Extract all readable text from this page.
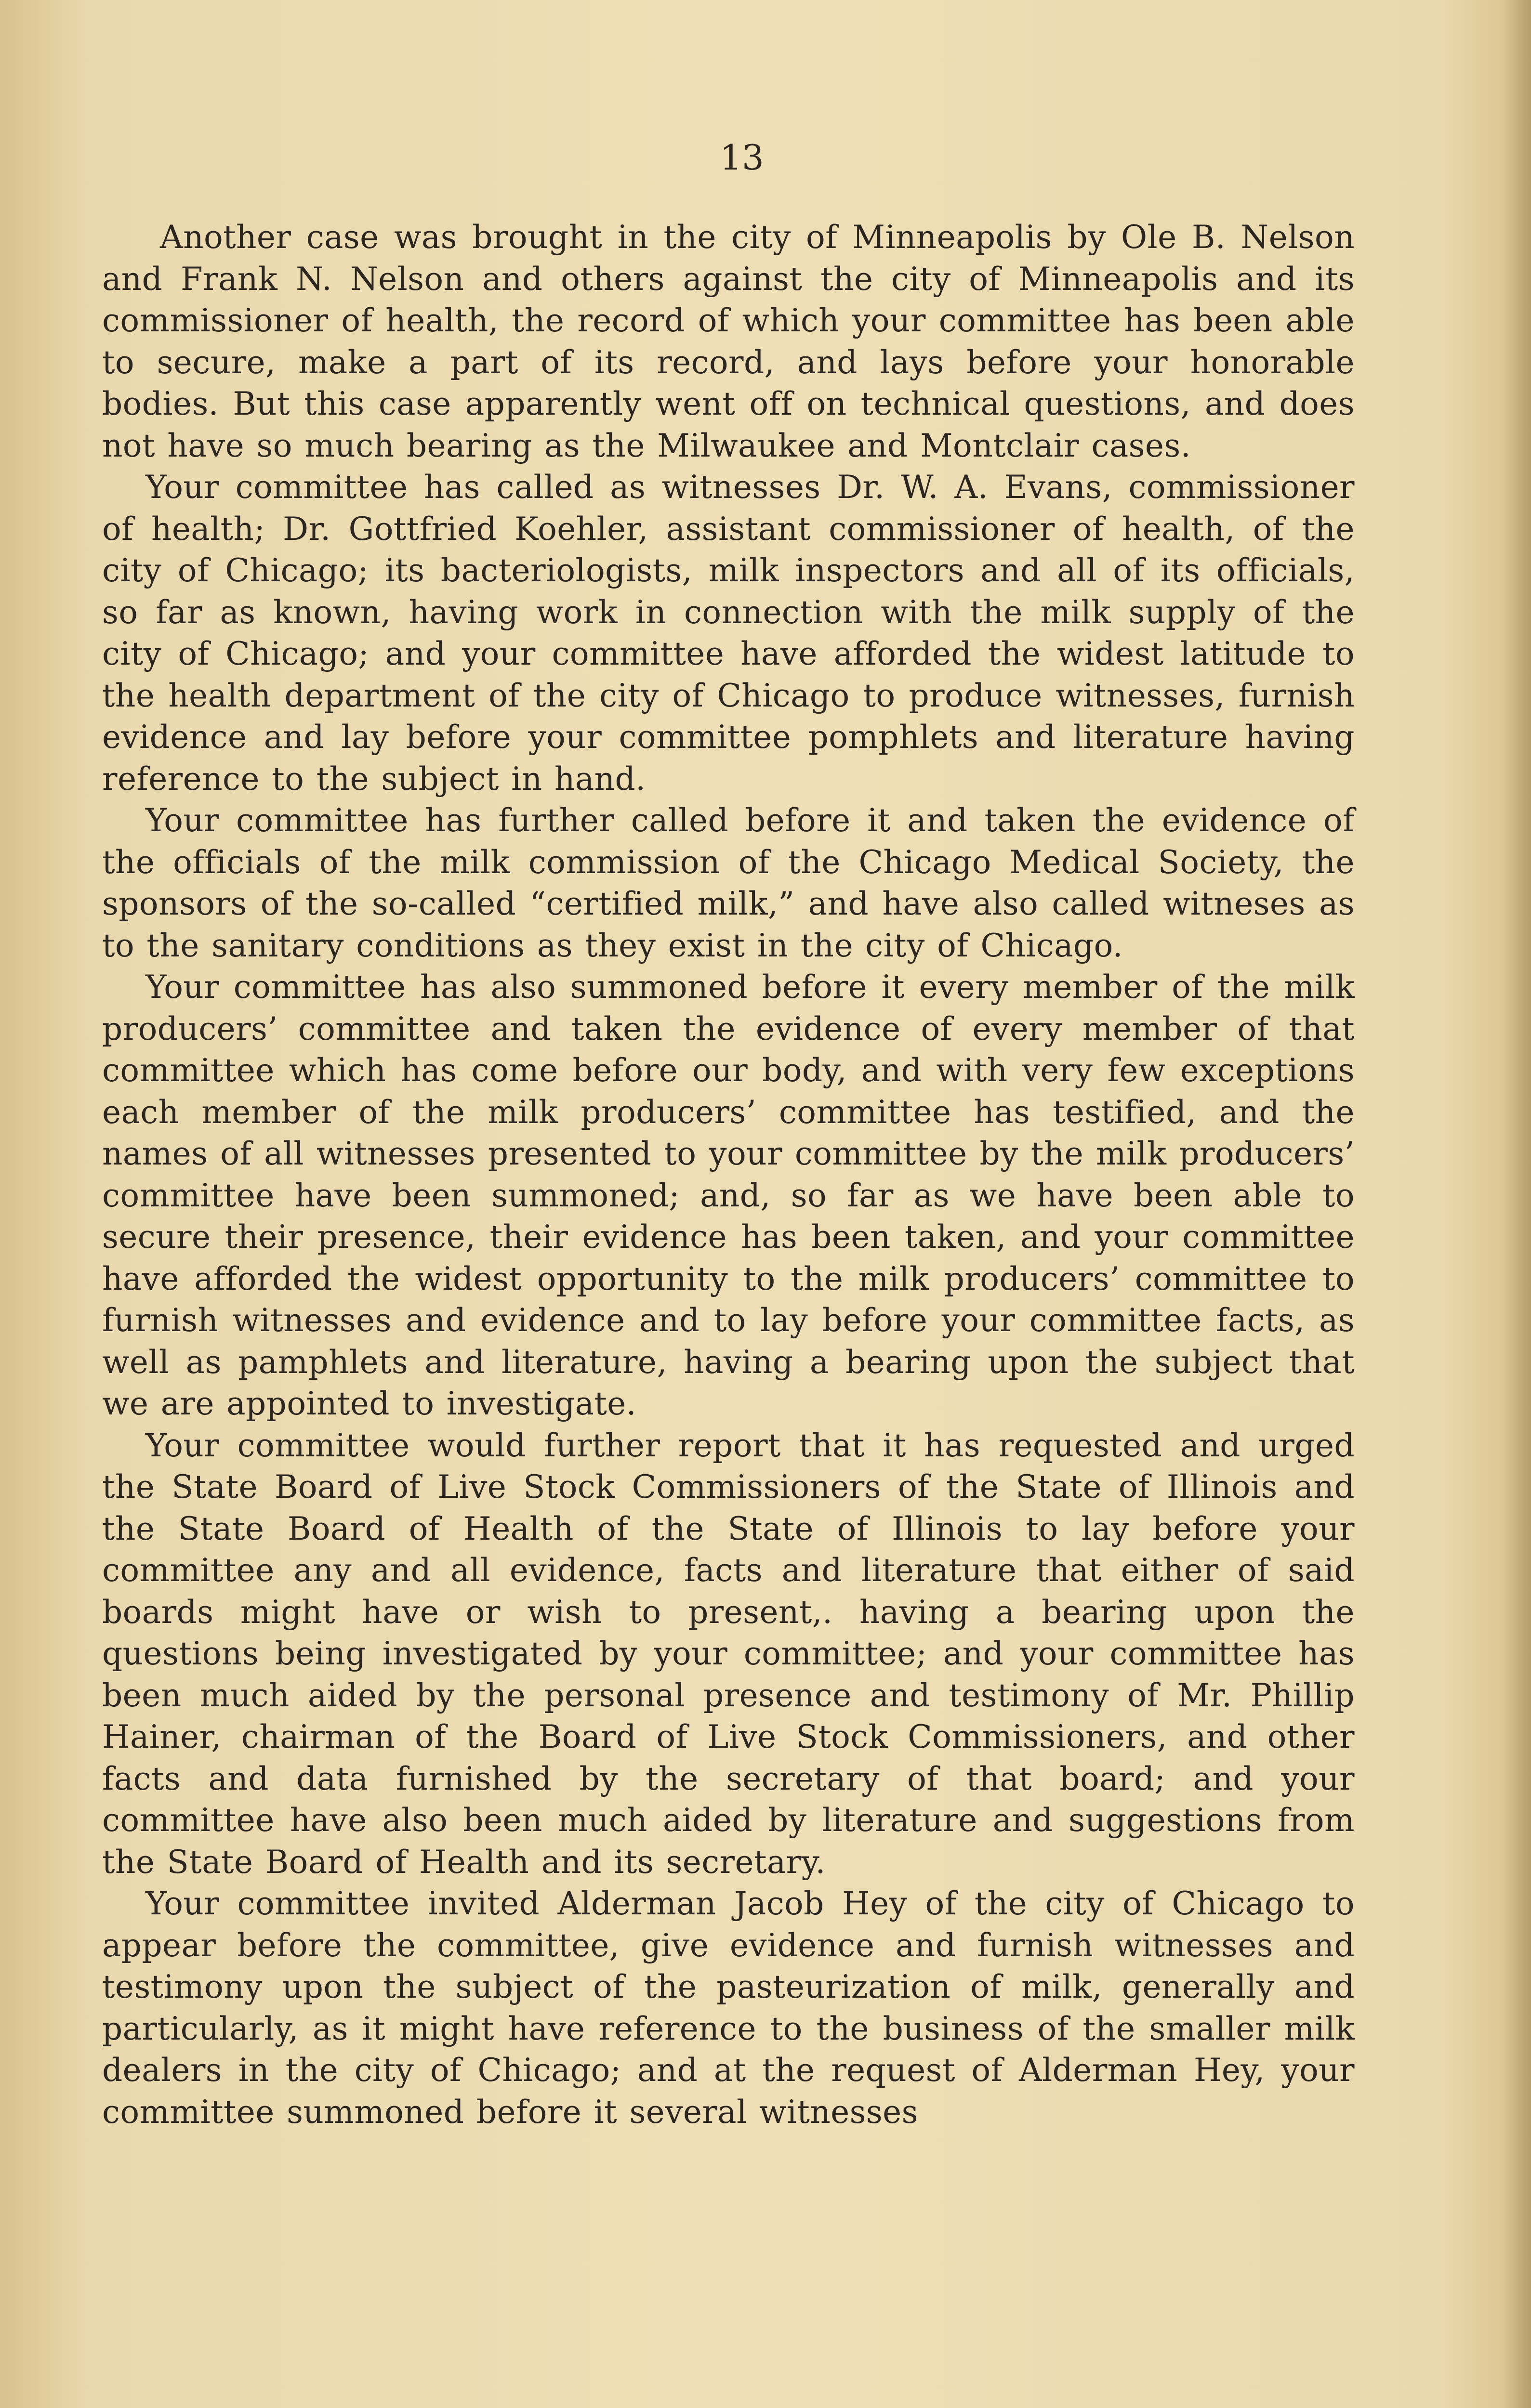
13

Another case was brought in the city of Minneapolis by Ole B. Nelson and Frank N. Nelson and others against the city of Minneapolis and its commissioner of health, the record of which your committee has been able to secure, make a part of its record, and lays before your honorable bodies. But this case apparently went off on technical questions, and does not have so much bearing as the Milwaukee and Montclair cases.

Your committee has called as witnesses Dr. W. A. Evans, commissioner of health; Dr. Gottfried Koehler, assistant commissioner of health, of the city of Chicago; its bacteriologists, milk inspectors and all of its officials, so far as known, having work in connection with the milk supply of the city of Chicago; and your committee have afforded the widest latitude to the health department of the city of Chicago to produce witnesses, furnish evidence and lay before your committee pomphlets and literature having reference to the subject in hand.

Your committee has further called before it and taken the evidence of the officials of the milk commission of the Chicago Medical Society, the sponsors of the so-called “certified milk,” and have also called witneses as to the sanitary conditions as they exist in the city of Chicago.

Your committee has also summoned before it every member of the milk producers’ committee and taken the evidence of every member of that committee which has come before our body, and with very few exceptions each member of the milk producers’ committee has testified, and the names of all witnesses presented to your committee by the milk producers’ committee have been summoned; and, so far as we have been able to secure their presence, their evidence has been taken, and your committee have afforded the widest opportunity to the milk producers’ committee to furnish witnesses and evidence and to lay before your committee facts, as well as pamphlets and literature, having a bearing upon the subject that we are appointed to investigate.

Your committee would further report that it has requested and urged the State Board of Live Stock Commissioners of the State of Illinois and the State Board of Health of the State of Illinois to lay before your committee any and all evidence, facts and literature that either of said boards might have or wish to present,. having a bearing upon the questions being investigated by your committee; and your committee has been much aided by the personal presence and testimony of Mr. Phillip Hainer, chairman of the Board of Live Stock Commissioners, and other facts and data furnished by the secretary of that board; and your committee have also been much aided by literature and suggestions from the State Board of Health and its secretary.

Your committee invited Alderman Jacob Hey of the city of Chicago to appear before the committee, give evidence and furnish witnesses and testimony upon the subject of the pasteurization of milk, generally and particularly, as it might have reference to the business of the smaller milk dealers in the city of Chicago; and at the request of Alderman Hey, your committee summoned before it several witnesses
